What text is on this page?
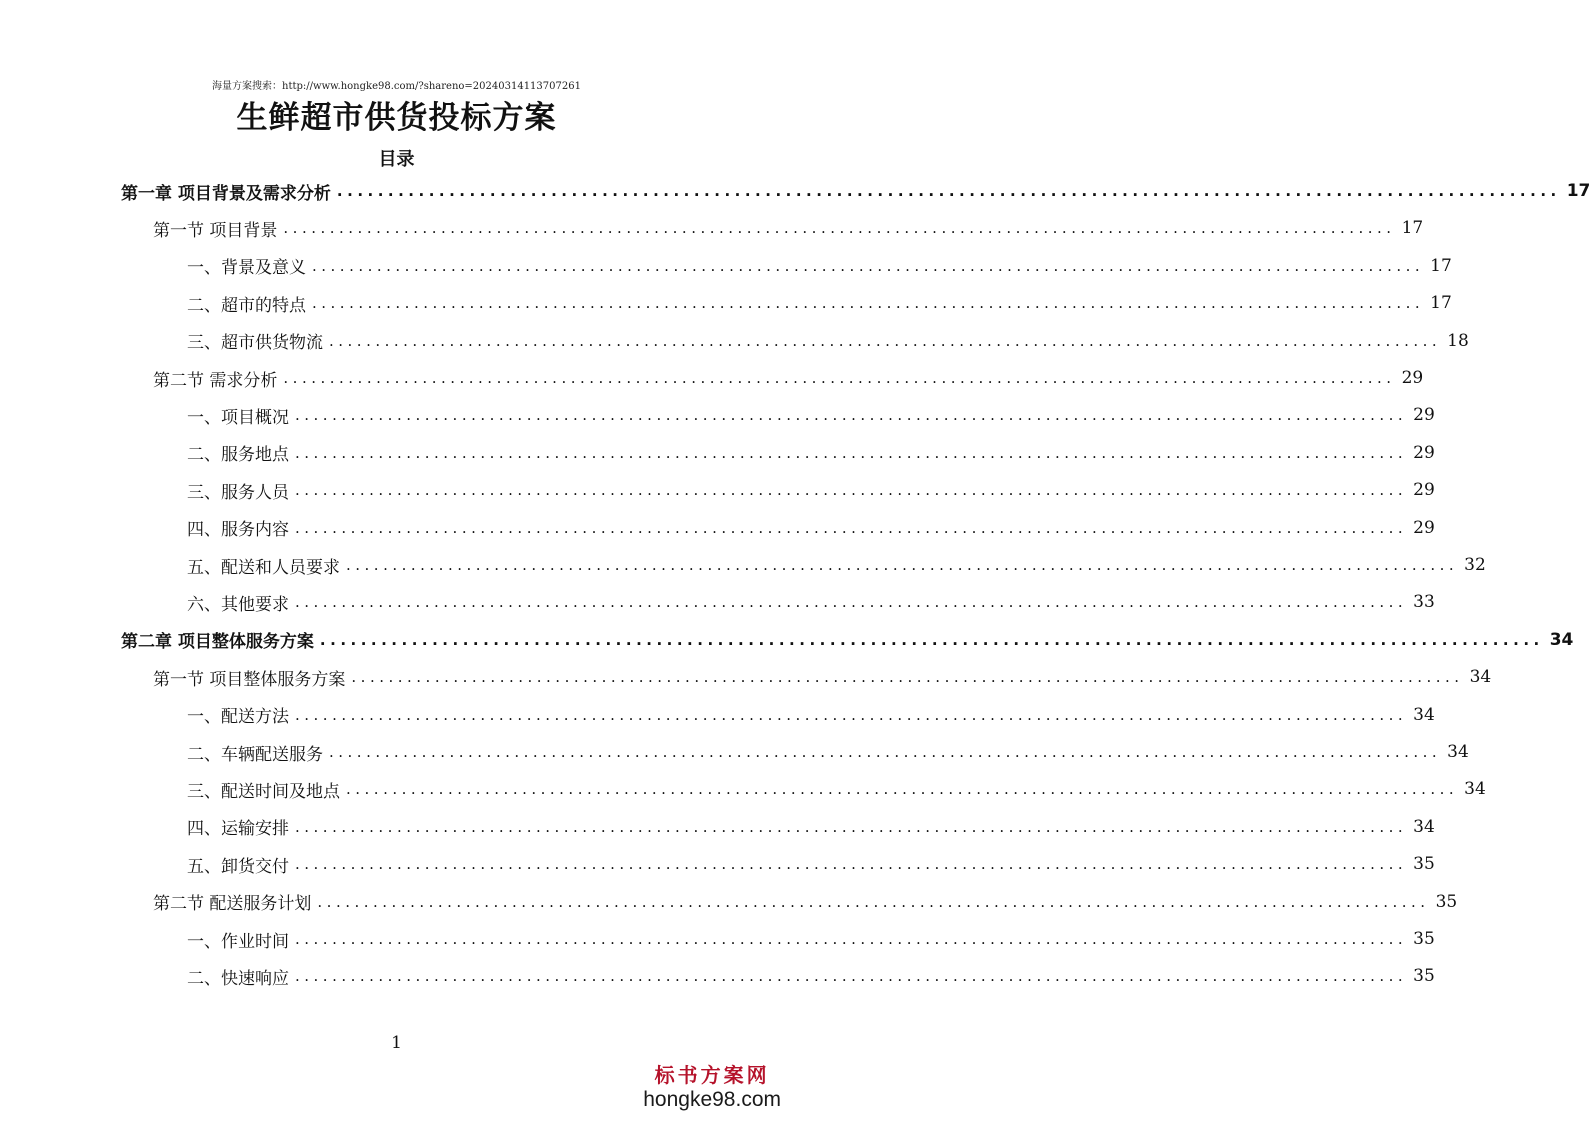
海量方案搜索：http://www.hongke98.com/?shareno=20240314113707261
生鲜超市供货投标方案
目录
第一章 项目背景及需求分析 ........................................................................................................................ 17
第一节 项目背景 ........................................................................................................................ 17
一、背景及意义 ........................................................................................................................ 17
二、超市的特点 ........................................................................................................................ 17
三、超市供货物流 ........................................................................................................................ 18
第二节 需求分析 ........................................................................................................................ 29
一、项目概况 ........................................................................................................................ 29
二、服务地点 ........................................................................................................................ 29
三、服务人员 ........................................................................................................................ 29
四、服务内容 ........................................................................................................................ 29
五、配送和人员要求 ........................................................................................................................ 32
六、其他要求 ........................................................................................................................ 33
第二章 项目整体服务方案 ........................................................................................................................ 34
第一节 项目整体服务方案 ........................................................................................................................ 34
一、配送方法 ........................................................................................................................ 34
二、车辆配送服务 ........................................................................................................................ 34
三、配送时间及地点 ........................................................................................................................ 34
四、运输安排 ........................................................................................................................ 34
五、卸货交付 ........................................................................................................................ 35
第二节 配送服务计划 ........................................................................................................................ 35
一、作业时间 ........................................................................................................................ 35
二、快速响应 ........................................................................................................................ 35
1
标书方案网
hongke98.com
